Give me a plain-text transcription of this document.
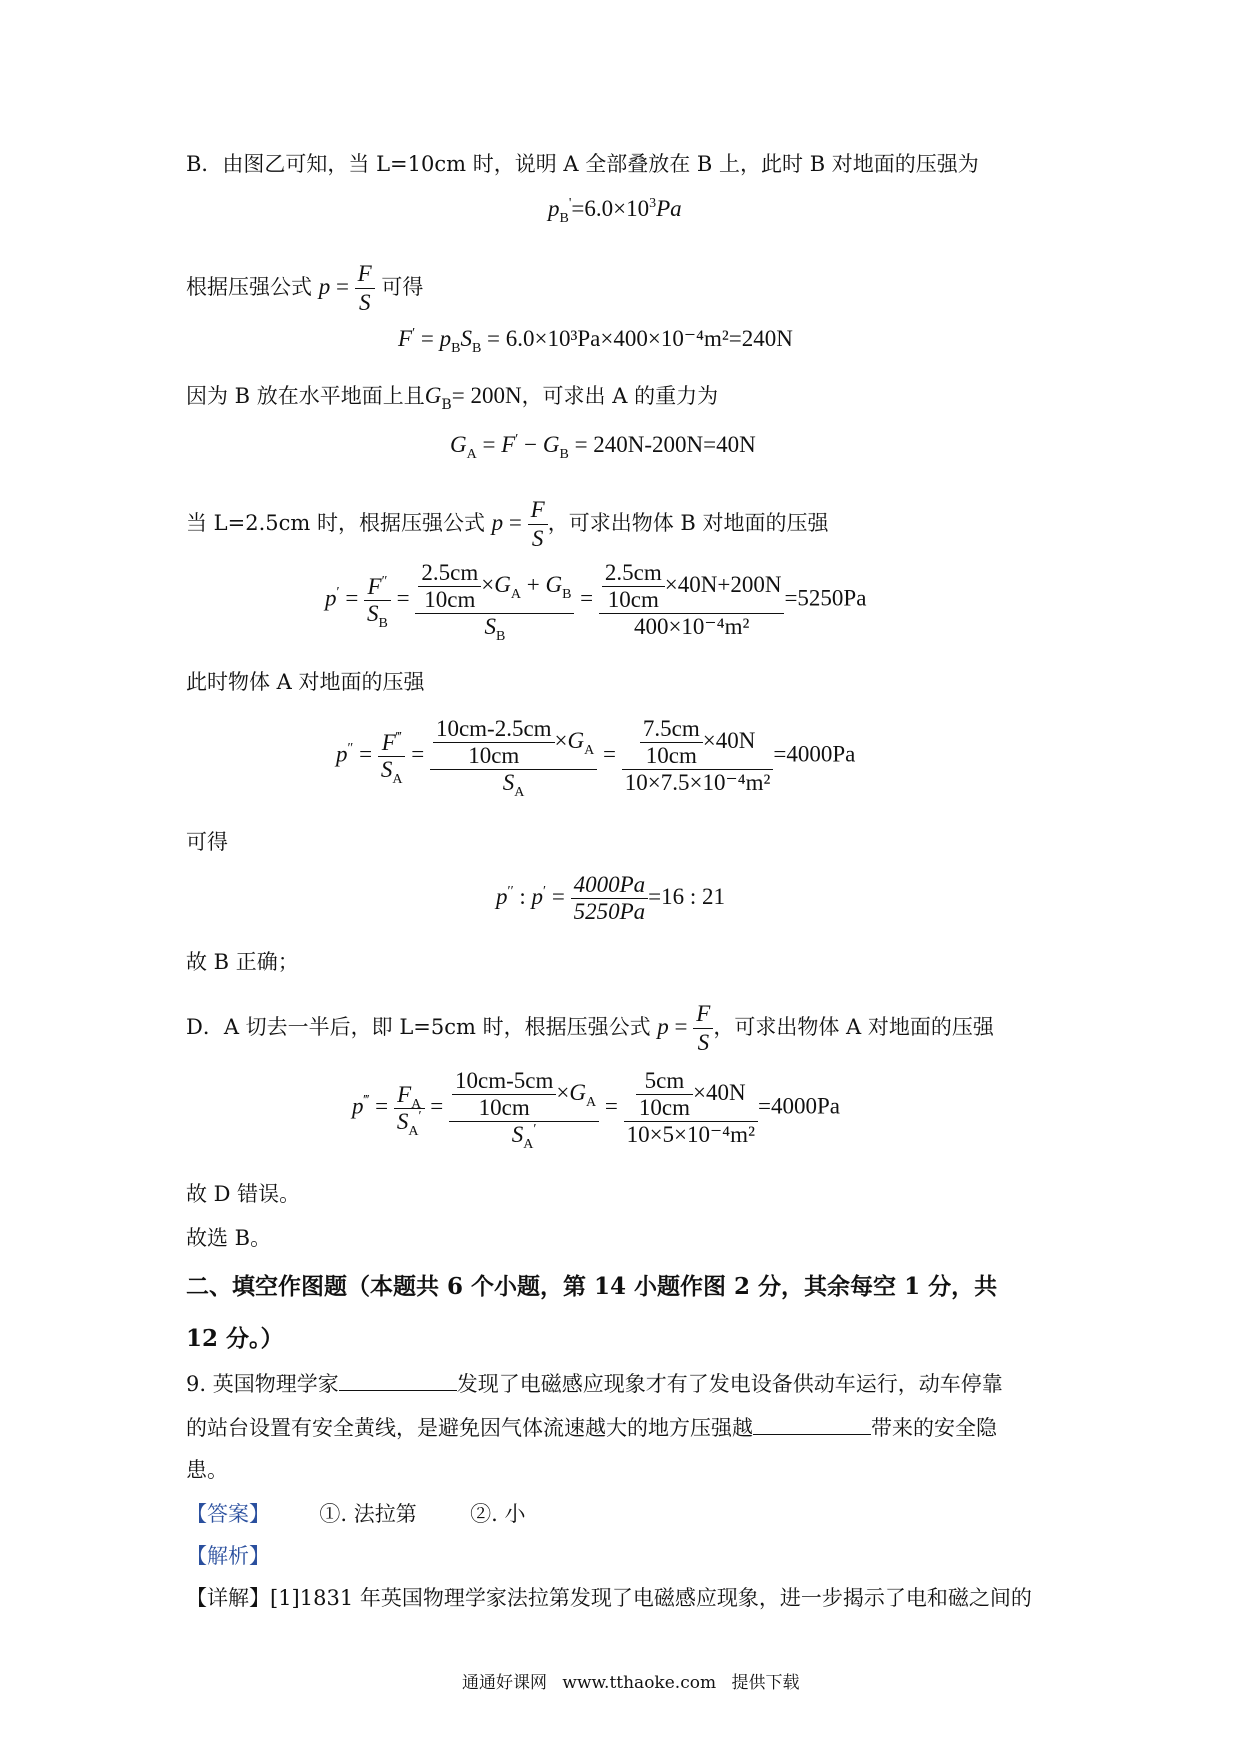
B．由图乙可知，当 L=10cm 时，说明 A 全部叠放在 B 上，此时 B 对地面的压强为
$p_B'=6.0\times 10^3Pa$
根据压强公式 $p = \frac{F}{S}$ 可得
$F' = p_BS_B = 6.0\times 10^3Pa\times 400\times 10^{-4}m^2=240N$
因为 B 放在水平地面上且$G_B= 200N$，可求出 A 的重力为
$G_A = F' - G_B = 240N-200N=40N$
当 L=2.5cm 时，根据压强公式 $p = \frac{F}{S}$ ，可求出物体 B 对地面的压强
$p' = \frac{F''}{S_B} = \frac{\frac{2.5cm}{10cm} \times G_A + G_B}{S_B} = \frac{\frac{2.5cm}{10cm} \times 40N+200N}{\text{400×10⁻⁴m²}} =5250Pa$
此时物体 A 对地面的压强
$p'' = \frac{F^‴}{S_A} = \frac{\frac{10cm-2.5cm}{10cm} \times G_A}{S_A} = \frac{\frac{7.5cm}{10cm} \times 40N}{\text{10×7.5×10⁻⁴m²}} =4000Pa$
可得
p′′ : $p' = \frac{4000Pa}{5250Pa} =16$ : 21
故 B 正确；
D．A 切去一半后，即 L=5cm 时，根据压强公式 $p = \frac{F}{S}$ ，可求出物体 A 对地面的压强
$p^‴ = \frac{F_A}{S_A'} = \frac{\frac{10cm-5cm}{10cm} \times G_A}{S_A'} = \frac{\frac{5cm}{10cm} \times 40N}{\text{10×5×10⁻⁴m²}} =4000Pa$
故 D 错误。
故选 B。
二、填空作图题（本题共 6 个小题，第 14 小题作图 2 分，其余每空 1 分，共
12 分。）
9. 英国物理学家	发现了电磁感应现象才有了发电设备供动车运行，动车停靠
的站台设置有安全黄线，是避免因气体流速越大的地方压强越	带来的安全隐
患。
【答案】 ①. 法拉第	②. 小
【解析】
【详解】[1]1831 年英国物理学家法拉第发现了电磁感应现象，进一步揭示了电和磁之间的
通通好课网 www.tthaoke.com 提供下载
